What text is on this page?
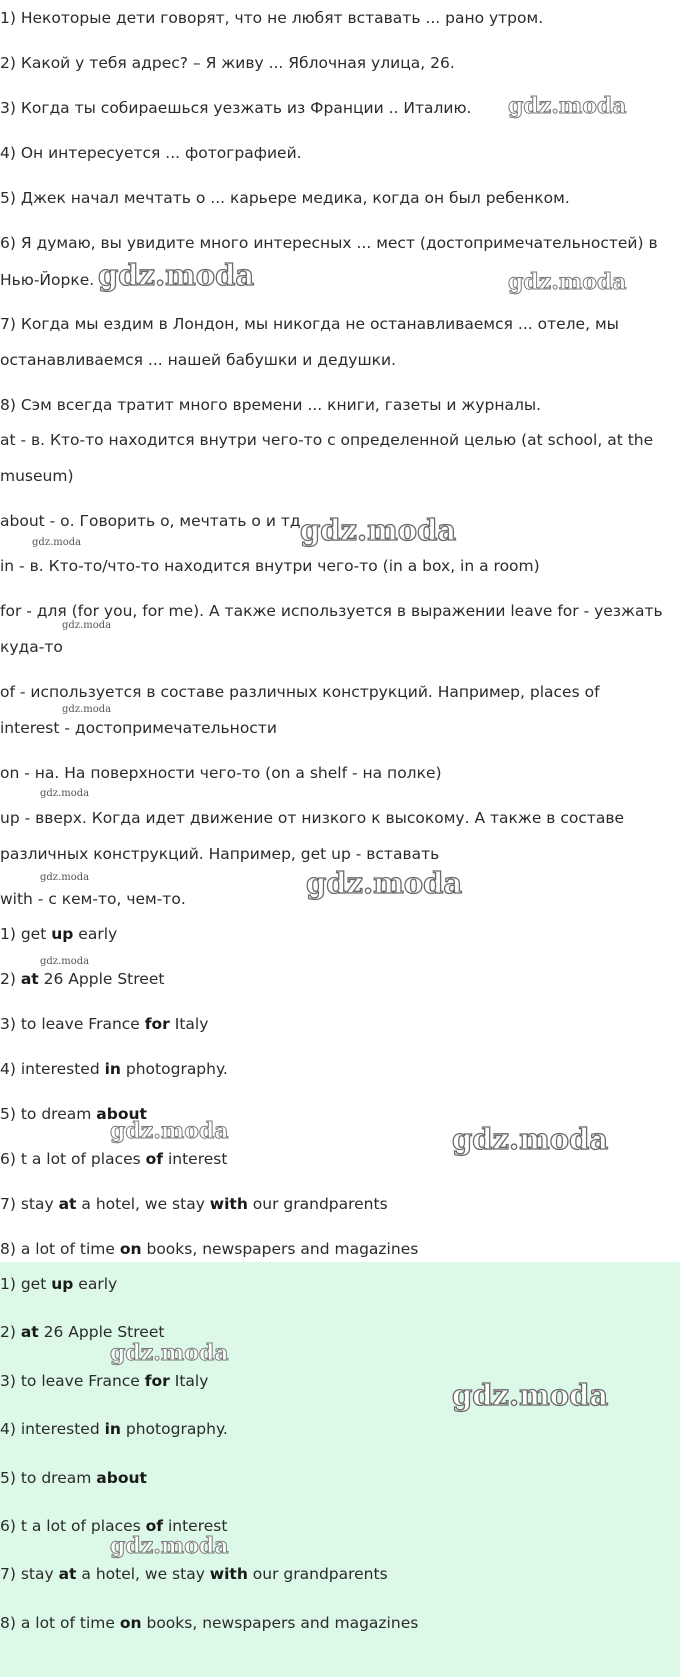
1) Некоторые дети говорят, что не любят вставать ... рано утром.
2) Какой у тебя адрес? – Я живу ... Яблочная улица, 26.
3) Когда ты собираешься уезжать из Франции .. Италию.
4) Он интересуется ... фотографией.
5) Джек начал мечтать о ... карьере медика, когда он был ребенком.
6) Я думаю, вы увидите много интересных ... мест (достопримечательностей) в
Нью-Йорке.
7) Когда мы ездим в Лондон, мы никогда не останавливаемся ... отеле, мы
останавливаемся ... нашей бабушки и дедушки.
8) Сэм всегда тратит много времени ... книги, газеты и журналы.
at - в. Кто-то находится внутри чего-то с определенной целью (at school, at the
museum)
about - о. Говорить о, мечтать о и тд
in - в. Кто-то/что-то находится внутри чего-то (in a box, in a room)
for - для (for you, for me). А также используется в выражении leave for - уезжать
куда-то
of - используется в составе различных конструкций. Например, places of
interest - достопримечательности
on - на. На поверхности чего-то (on a shelf - на полке)
up - вверх. Когда идет движение от низкого к высокому. А также в составе
различных конструкций. Например, get up - вставать
with - с кем-то, чем-то.
1) get up early
2) at 26 Apple Street
3) to leave France for Italy
4) interested in photography.
5) to dream about
6) t a lot of places of interest
7) stay at a hotel, we stay with our grandparents
8) a lot of time on books, newspapers and magazines
1) get up early
2) at 26 Apple Street
3) to leave France for Italy
4) interested in photography.
5) to dream about
6) t a lot of places of interest
7) stay at a hotel, we stay with our grandparents
8) a lot of time on books, newspapers and magazines
gdz.moda
gdz.moda	gdz.moda
gdz.moda
gdz.moda
gdz.moda
gdz.moda
gdz.moda
gdz.moda	gdz.moda
gdz.moda
gdz.moda	gdz.moda
gdz.moda
gdz.moda
gdz.moda
